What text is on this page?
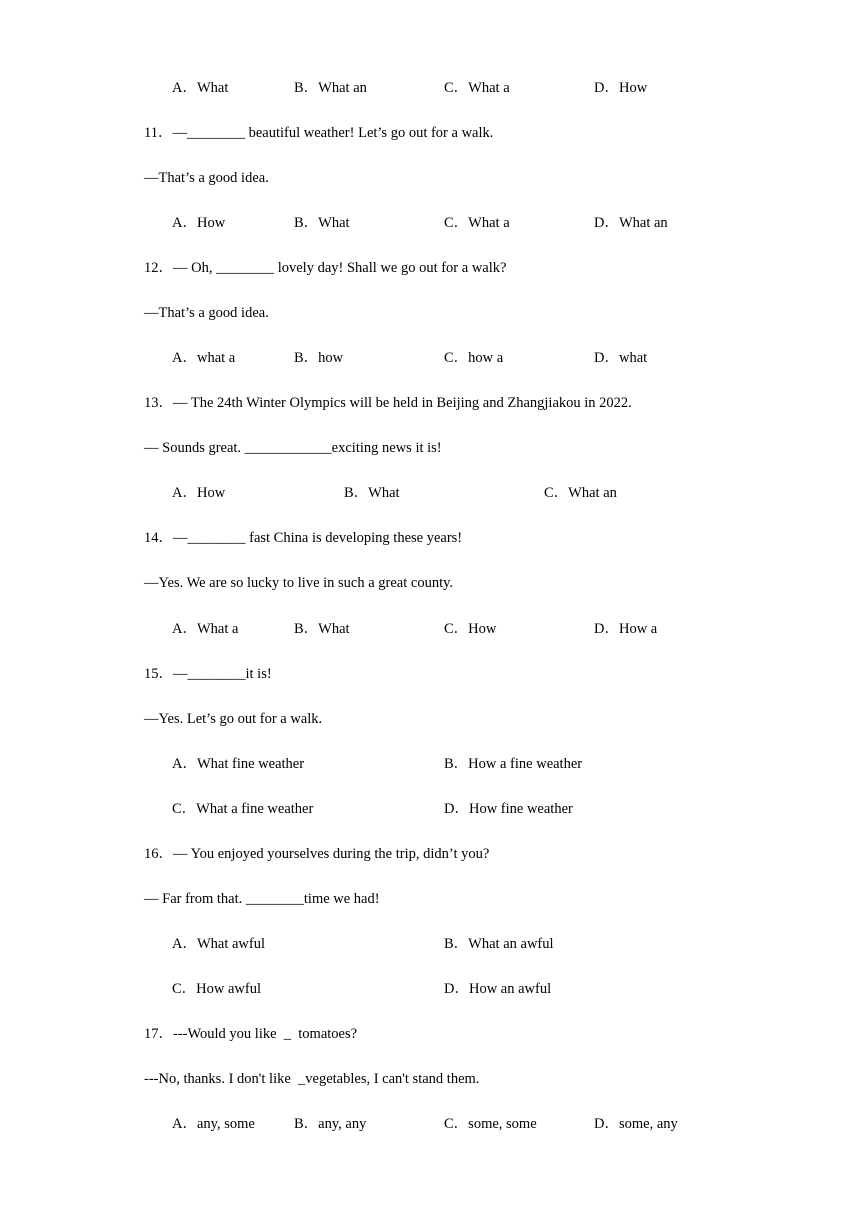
A．What	B．What an	C．What a	D．How
11．—________ beautiful weather! Let’s go out for a walk.
—That’s a good idea.
A．How	B．What	C．What a	D．What an
12．— Oh, ________ lovely day! Shall we go out for a walk?
—That’s a good idea.
A．what a	B．how	C．how a	D．what
13．— The 24th Winter Olympics will be held in Beijing and Zhangjiakou in 2022.
— Sounds great. ____________exciting news it is!
A．How	B．What	C．What an
14．—________ fast China is developing these years!
—Yes. We are so lucky to live in such a great county.
A．What a	B．What	C．How	D．How a
15．—________it is!
—Yes. Let’s go out for a walk.
A．What fine weather	B．How a fine weather
C．What a fine weather	D．How fine weather
16．— You enjoyed yourselves during the trip, didn’t you?
— Far from that. ________time we had!
A．What awful	B．What an awful
C．How awful	D．How an awful
17．---Would you like  _  tomatoes?
---No, thanks. I don't like  _vegetables, I can't stand them.
A．any, some	B．any, any	C．some, some	D．some, any
